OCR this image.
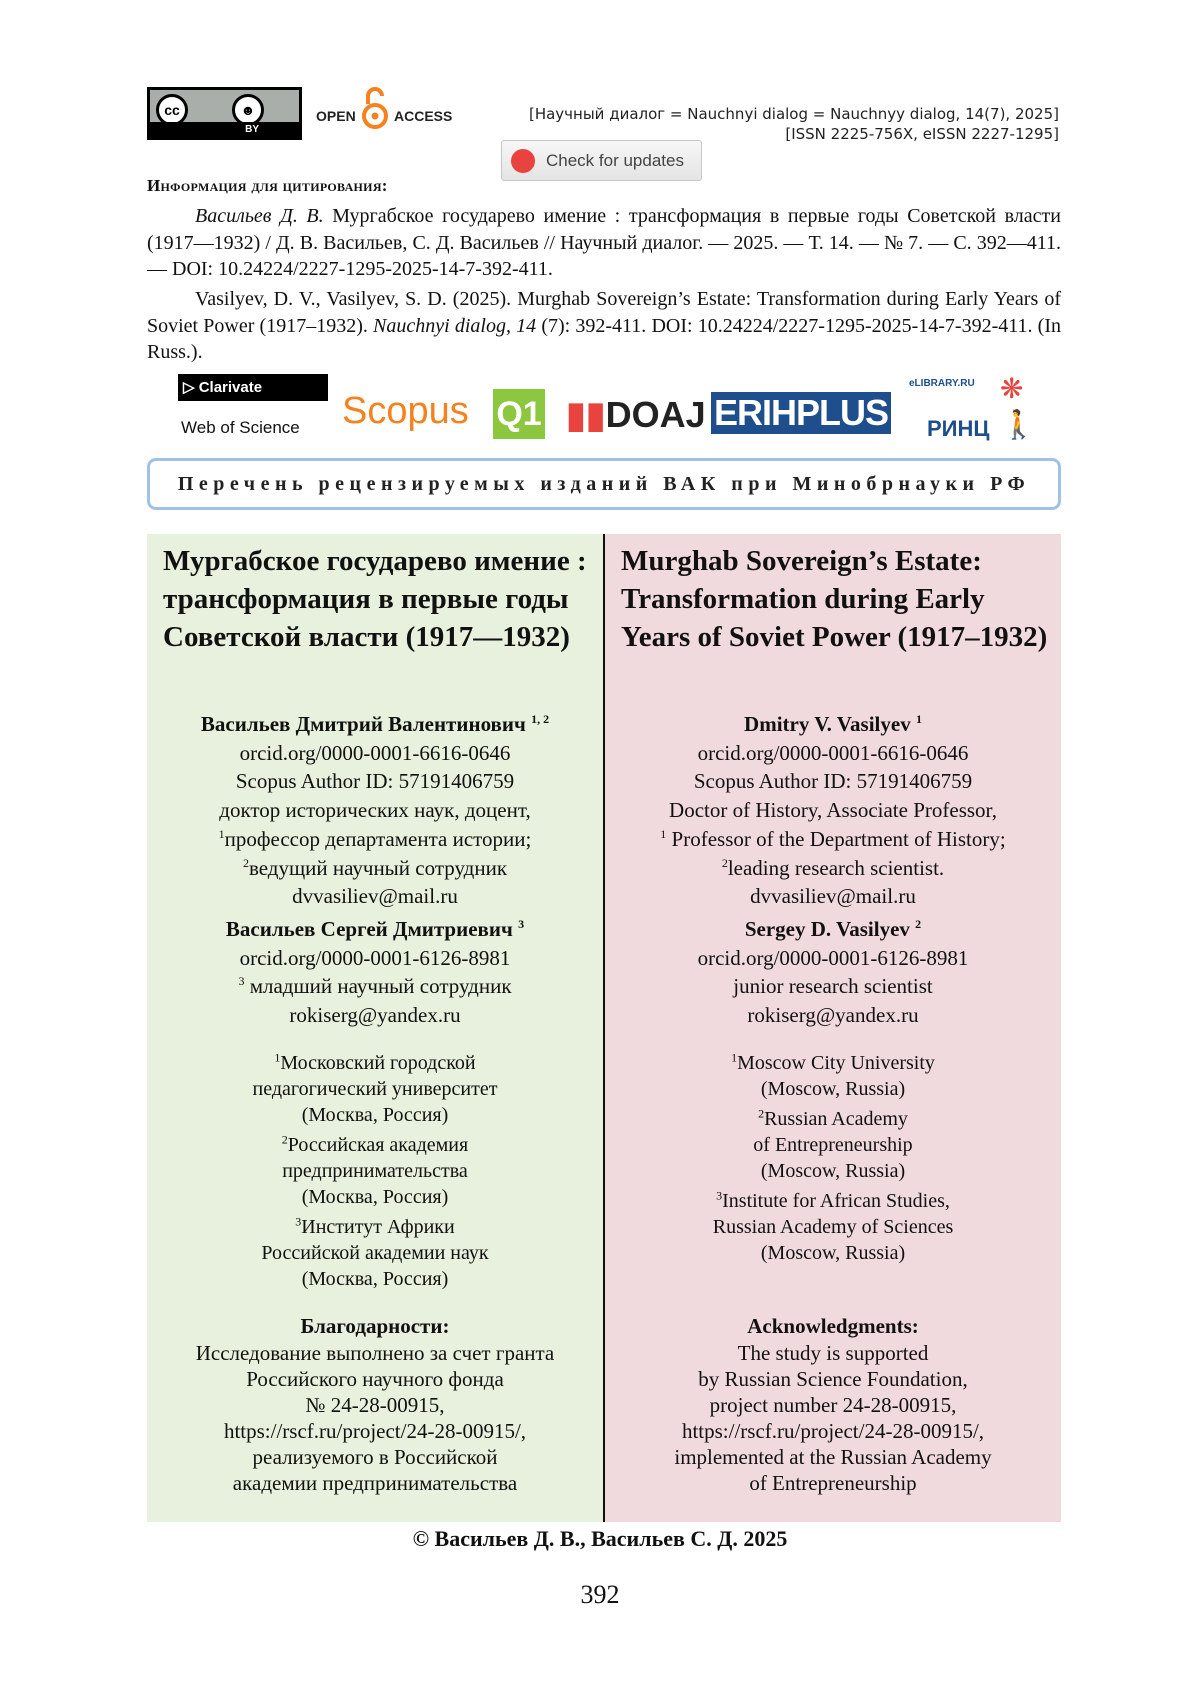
cc	☻
BY
OPEN	ACCESS	[Научный диалог = Nauchnyi dialog = Nauchnyy dialog, 14(7), 2025]
[ISSN 2225-756X, eISSN 2227-1295]
Check for updates
Информация для цитирования:
Васильев Д. В. Мургабское государево имение : трансформация в первые годы Советской власти (1917—1932) / Д. В. Васильев, С. Д. Васильев // Научный диалог. — 2025. — Т. 14. — № 7. — С. 392—411. — DOI: 10.24224/2227-1295-2025-14-7-392-411.
Vasilyev, D. V., Vasilyev, S. D. (2025). Murghab Sovereign’s Estate: Transformation during Early Years of Soviet Power (1917–1932). Nauchnyi dialog, 14 (7): 392-411. DOI: 10.24224/2227-1295-2025-14-7-392-411. (In Russ.).
▷ Clarivate
Web of Science Scopus Q1 ▮▮DOAJ ERIHPLUS
eLIBRARY.RU
РИНЦ
❋
🚶
Перечень рецензируемых изданий ВАК при Минобрнауки РФ
Мургабское государево имение : трансформация в первые годы Советской власти (1917—1932)
Васильев Дмитрий Валентинович $^{1, 2}$
orcid.org/0000-0001-6616-0646
Scopus Author ID: 57191406759
доктор исторических наук, доцент,
$^1$профессор департамента истории;
$^2$ведущий научный сотрудник
dvvasiliev@mail.ru
Васильев Сергей Дмитриевич $^3$
orcid.org/0000-0001-6126-8981
$^3$ младший научный сотрудник
rokiserg@yandex.ru
$^1$Московский городской
педагогический университет
(Москва, Россия)
$^2$Российская академия
предпринимательства
(Москва, Россия)
$^3$Институт Африки
Российской академии наук
(Москва, Россия)
Благодарности:
Исследование выполнено за счет гранта
Российского научного фонда
№ 24-28-00915,
https://rscf.ru/project/24-28-00915/,
реализуемого в Российской
академии предпринимательства
Murghab Sovereign’s Estate: Transformation during Early Years of Soviet Power (1917–1932)
Dmitry V. Vasilyev $^1$
orcid.org/0000-0001-6616-0646
Scopus Author ID: 57191406759
Doctor of History, Associate Professor,
$^1$ Professor of the Department of History;
$^2$leading research scientist.
dvvasiliev@mail.ru
Sergey D. Vasilyev $^2$
orcid.org/0000-0001-6126-8981
junior research scientist
rokiserg@yandex.ru
$^1$Moscow City University
(Moscow, Russia)
$^2$Russian Academy
of Entrepreneurship
(Moscow, Russia)
$^3$Institute for African Studies,
Russian Academy of Sciences
(Moscow, Russia)
Acknowledgments:
The study is supported
by Russian Science Foundation,
project number 24-28-00915,
https://rscf.ru/project/24-28-00915/,
implemented at the Russian Academy
of Entrepreneurship
© Васильев Д. В., Васильев С. Д. 2025
392
